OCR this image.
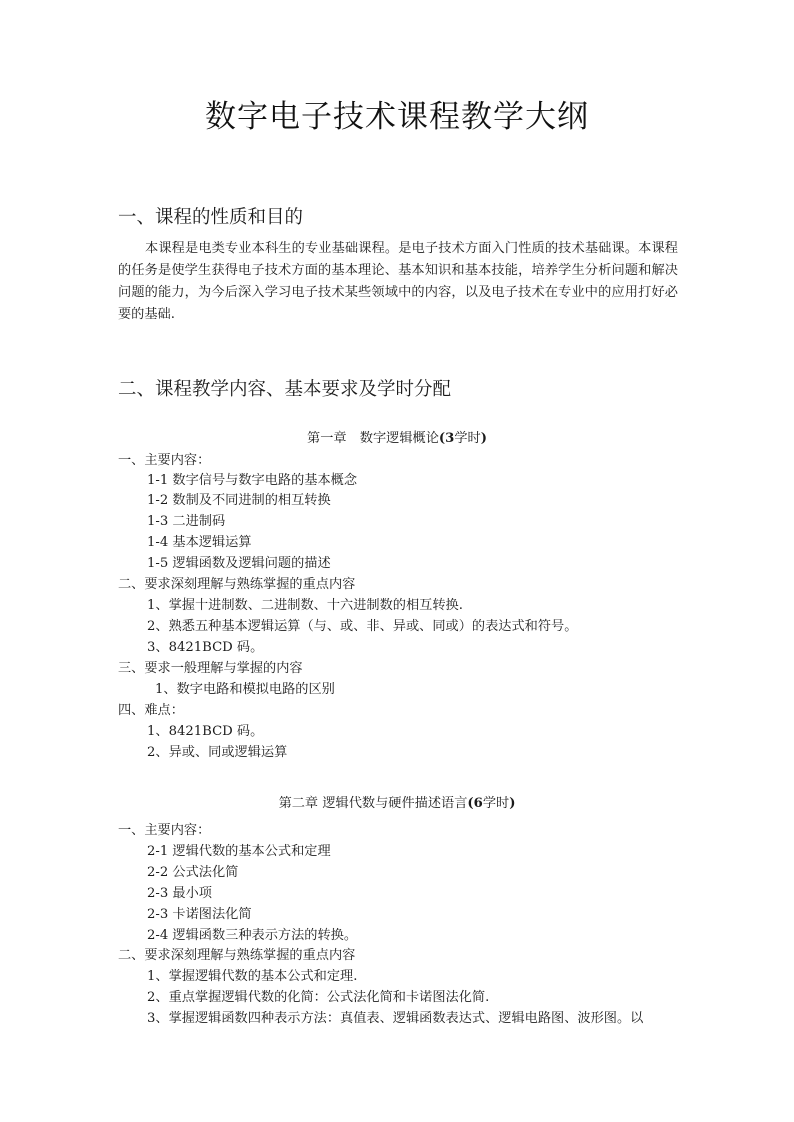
数字电子技术课程教学大纲
一、课程的性质和目的
本课程是电类专业本科生的专业基础课程。是电子技术方面入门性质的技术基础课。本课程的任务是使学生获得电子技术方面的基本理论、基本知识和基本技能，培养学生分析问题和解决问题的能力，为今后深入学习电子技术某些领域中的内容，以及电子技术在专业中的应用打好必要的基础.
二、课程教学内容、基本要求及学时分配
第一章　数字逻辑概论(3学时)
一、主要内容：
1-1 数字信号与数字电路的基本概念
1-2 数制及不同进制的相互转换
1-3 二进制码
1-4 基本逻辑运算
1-5 逻辑函数及逻辑问题的描述
二、要求深刻理解与熟练掌握的重点内容
1、掌握十进制数、二进制数、十六进制数的相互转换.
2、熟悉五种基本逻辑运算（与、或、非、异或、同或）的表达式和符号。
3、8421BCD 码。
三、要求一般理解与掌握的内容
1、数字电路和模拟电路的区别
四、难点：
1、8421BCD 码。
2、异或、同或逻辑运算
第二章 逻辑代数与硬件描述语言(6学时)
一、主要内容：
2-1 逻辑代数的基本公式和定理
2-2 公式法化简
2-3 最小项
2-3 卡诺图法化简
2-4 逻辑函数三种表示方法的转换。
二、要求深刻理解与熟练掌握的重点内容
1、掌握逻辑代数的基本公式和定理.
2、重点掌握逻辑代数的化简：公式法化简和卡诺图法化简.
3、掌握逻辑函数四种表示方法：真值表、逻辑函数表达式、逻辑电路图、波形图。以
